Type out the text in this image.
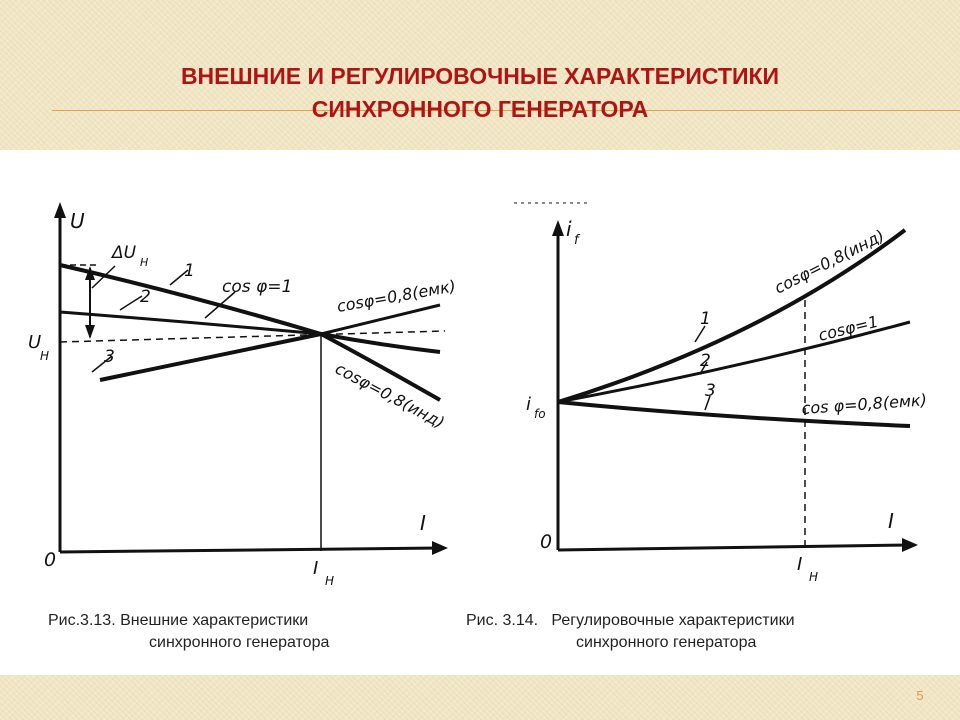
ВНЕШНИЕ И РЕГУЛИРОВОЧНЫЕ ХАРАКТЕРИСТИКИ
СИНХРОННОГО ГЕНЕРАТОРА
U
I
0
U
H
I
H
ΔU H 1
2
3
cos φ=1	cosφ=0,8(емк)
cosφ=0,8(инд)
i f
I
0
i fo
I
H
1
2
3
cosφ=0,8(инд)
cosφ=1
cos φ=0,8(емк)
Рис.3.13. Внешние характеристики
синхронного генератора
Рис. 3.14.   Регулировочные характеристики
синхронного генератора
5
